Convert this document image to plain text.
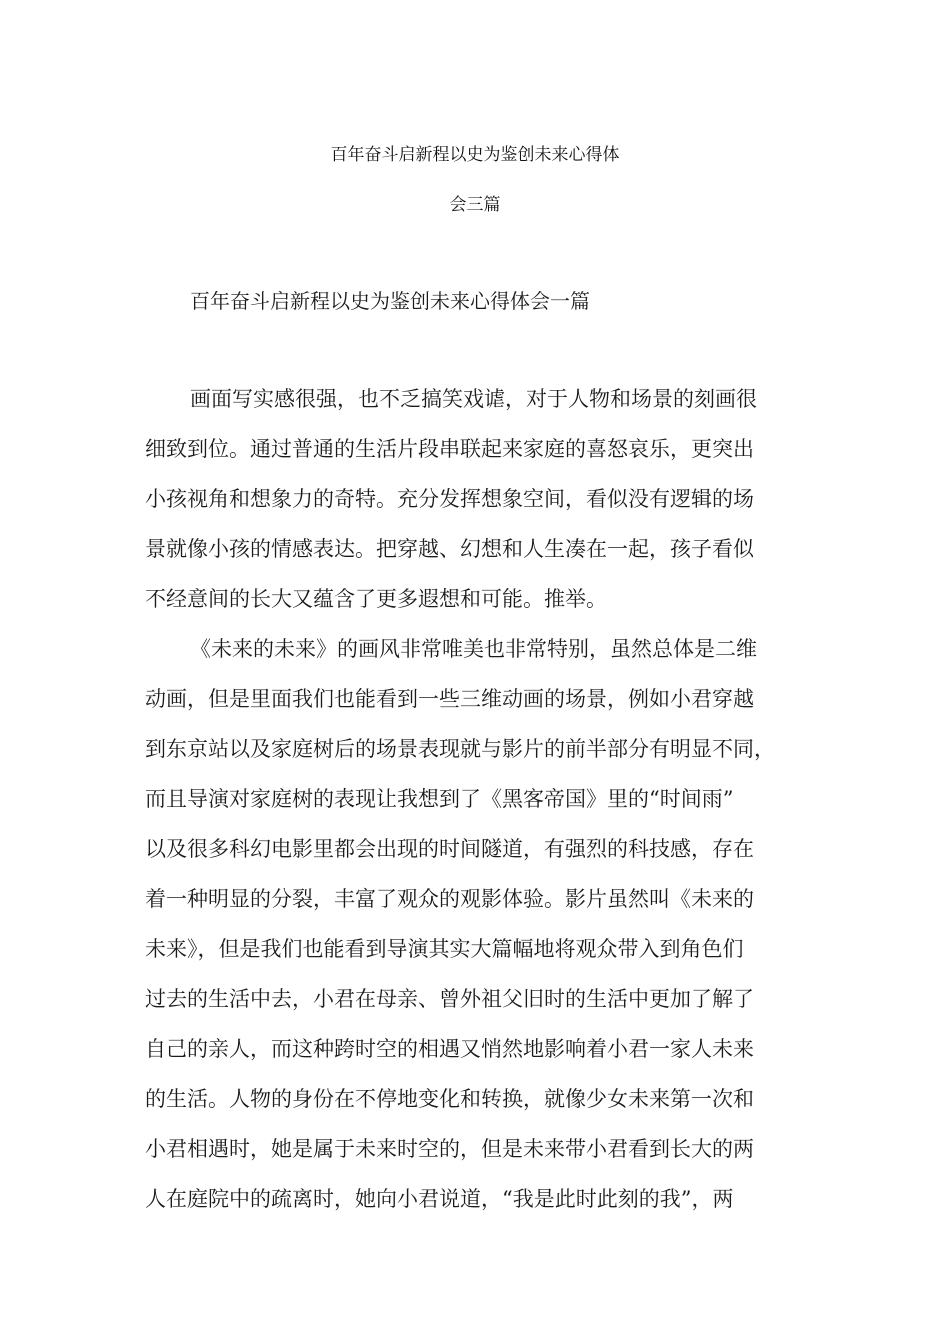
百年奋斗启新程以史为鉴创未来心得体
会三篇
百年奋斗启新程以史为鉴创未来心得体会一篇
画面写实感很强，也不乏搞笑戏谑，对于人物和场景的刻画很
细致到位。通过普通的生活片段串联起来家庭的喜怒哀乐，更突出
小孩视角和想象力的奇特。充分发挥想象空间，看似没有逻辑的场
景就像小孩的情感表达。把穿越、幻想和人生凑在一起，孩子看似
不经意间的长大又蕴含了更多遐想和可能。推举。
《未来的未来》的画风非常唯美也非常特别，虽然总体是二维
动画，但是里面我们也能看到一些三维动画的场景，例如小君穿越
到东京站以及家庭树后的场景表现就与影片的前半部分有明显不同，
而且导演对家庭树的表现让我想到了《黑客帝国》里的“时间雨”
以及很多科幻电影里都会出现的时间隧道，有强烈的科技感，存在
着一种明显的分裂，丰富了观众的观影体验。影片虽然叫《未来的
未来》，但是我们也能看到导演其实大篇幅地将观众带入到角色们
过去的生活中去，小君在母亲、曾外祖父旧时的生活中更加了解了
自己的亲人，而这种跨时空的相遇又悄然地影响着小君一家人未来
的生活。人物的身份在不停地变化和转换，就像少女未来第一次和
小君相遇时，她是属于未来时空的，但是未来带小君看到长大的两
人在庭院中的疏离时，她向小君说道，“我是此时此刻的我”，两
